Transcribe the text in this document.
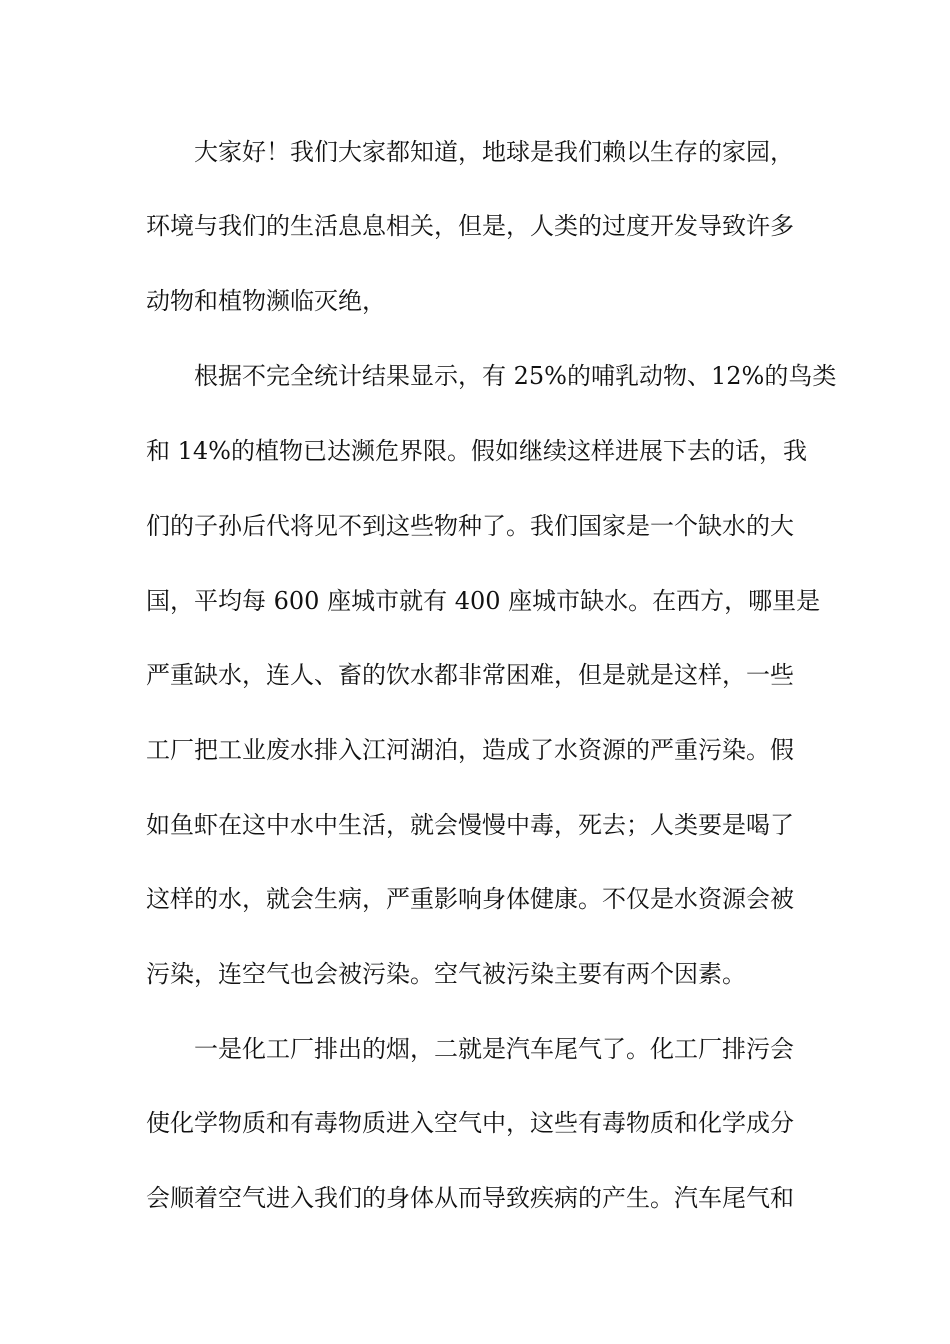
大家好！我们大家都知道，地球是我们赖以生存的家园，
环境与我们的生活息息相关，但是，人类的过度开发导致许多
动物和植物濒临灭绝，
根据不完全统计结果显示，有 25%的哺乳动物、12%的鸟类
和 14%的植物已达濒危界限。假如继续这样进展下去的话，我
们的子孙后代将见不到这些物种了。我们国家是一个缺水的大
国，平均每 600 座城市就有 400 座城市缺水。在西方，哪里是
严重缺水，连人、畜的饮水都非常困难，但是就是这样，一些
工厂把工业废水排入江河湖泊，造成了水资源的严重污染。假
如鱼虾在这中水中生活，就会慢慢中毒，死去；人类要是喝了
这样的水，就会生病，严重影响身体健康。不仅是水资源会被
污染，连空气也会被污染。空气被污染主要有两个因素。
一是化工厂排出的烟，二就是汽车尾气了。化工厂排污会
使化学物质和有毒物质进入空气中，这些有毒物质和化学成分
会顺着空气进入我们的身体从而导致疾病的产生。汽车尾气和
